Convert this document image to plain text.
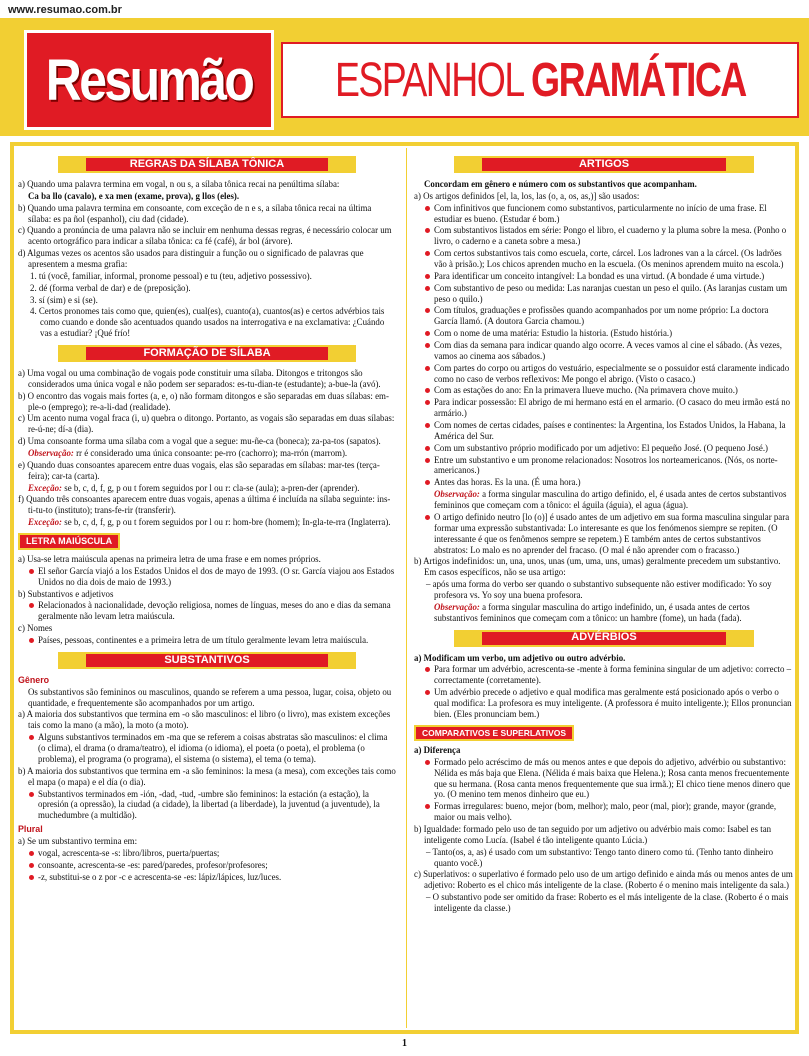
www.resumao.com.br
Resumão ESPANHOL GRAMÁTICA
REGRAS DA SÍLABA TÔNICA

a) Quando uma palavra termina em vogal, n ou s, a sílaba tônica recai na penúltima sílaba:

Ca ba llo (cavalo), e xa men (exame, prova), g llos (eles).

b) Quando uma palavra termina em consoante, com exceção de n e s, a sílaba tônica recai na última sílaba: es pa ñol (espanhol), ciu dad (cidade).

c) Quando a pronúncia de uma palavra não se incluir em nenhuma dessas regras, é necessário colocar um acento ortográfico para indicar a sílaba tônica: ca fé (café), ár bol (árvore).

d) Algumas vezes os acentos são usados para distinguir a função ou o significado de palavras que apresentem a mesma grafia:

1. tú (você, familiar, informal, pronome pessoal) e tu (teu, adjetivo possessivo).

2. dé (forma verbal de dar) e de (preposição).

3. sí (sim) e si (se).

4. Certos pronomes tais como que, quien(es), cual(es), cuanto(a), cuantos(as) e certos advérbios tais como cuando e donde são acentuados quando usados na interrogativa e na exclamativa: ¿Cuándo vas a estudiar? ¡Qué frío!

FORMAÇÃO DE SÍLABA

a) Uma vogal ou uma combinação de vogais pode constituir uma sílaba. Ditongos e tritongos são considerados uma única vogal e não podem ser separados: es-tu-dian-te (estudante); a-bue-la (avó).

b) O encontro das vogais mais fortes (a, e, o) não formam ditongos e são separadas em duas sílabas: em-ple-o (emprego); re-a-li-dad (realidade).

c) Um acento numa vogal fraca (i, u) quebra o ditongo. Portanto, as vogais são separadas em duas sílabas: re-ú-ne; dí-a (dia).

d) Uma consoante forma uma sílaba com a vogal que a segue: mu-ñe-ca (boneca); za-pa-tos (sapatos).

Observação: rr é considerado uma única consoante: pe-rro (cachorro); ma-rrón (marrom).

e) Quando duas consoantes aparecem entre duas vogais, elas são separadas em sílabas: mar-tes (terça-feira); car-ta (carta).

Exceção: se b, c, d, f, g, p ou t forem seguidos por l ou r: cla-se (aula); a-pren-der (aprender).

f) Quando três consoantes aparecem entre duas vogais, apenas a última é incluída na sílaba seguinte: ins-ti-tu-to (instituto); trans-fe-rir (transferir).

Exceção: se b, c, d, f, g, p ou t forem seguidos por l ou r: hom-bre (homem); In-gla-te-rra (Inglaterra).

LETRA MAIÚSCULA

a) Usa-se letra maiúscula apenas na primeira letra de uma frase e em nomes próprios.

El señor García viajó a los Estados Unidos el dos de mayo de 1993. (O sr. García viajou aos Estados Unidos no dia dois de maio de 1993.)

b) Substantivos e adjetivos

Relacionados à nacionalidade, devoção religiosa, nomes de línguas, meses do ano e dias da semana geralmente não levam letra maiúscula.

c) Nomes

Países, pessoas, continentes e a primeira letra de um título geralmente levam letra maiúscula.

SUBSTANTIVOS

Gênero

Os substantivos são femininos ou masculinos, quando se referem a uma pessoa, lugar, coisa, objeto ou quantidade, e frequentemente são acompanhados por um artigo.

a) A maioria dos substantivos que termina em -o são masculinos: el libro (o livro), mas existem exceções tais como la mano (a mão), la moto (a moto).

Alguns substantivos terminados em -ma que se referem a coisas abstratas são masculinos: el clima (o clima), el drama (o drama/teatro), el idioma (o idioma), el poeta (o poeta), el problema (o problema), el programa (o programa), el sistema (o sistema), el tema (o tema).

b) A maioria dos substantivos que termina em -a são femininos: la mesa (a mesa), com exceções tais como el mapa (o mapa) e el día (o dia).

Substantivos terminados em -ión, -dad, -tud, -umbre são femininos: la estación (a estação), la opresión (a opressão), la ciudad (a cidade), la libertad (a liberdade), la juventud (a juventude), la muchedumbre (a multidão).

Plural

a) Se um substantivo termina em:

vogal, acrescenta-se -s: libro/libros, puerta/puertas;

consoante, acrescenta-se -es: pared/paredes, profesor/profesores;

-z, substitui-se o z por -c e acrescenta-se -es: lápiz/lápices, luz/luces.

ARTIGOS

Concordam em gênero e número com os substantivos que acompanham.

a) Os artigos definidos [el, la, los, las (o, a, os, as,)] são usados:

Com infinitivos que funcionem como substantivos, particularmente no início de uma frase. El estudiar es bueno. (Estudar é bom.)

Com substantivos listados em série: Pongo el libro, el cuaderno y la pluma sobre la mesa. (Ponho o livro, o caderno e a caneta sobre a mesa.)

Com certos substantivos tais como escuela, corte, cárcel. Los ladrones van a la cárcel. (Os ladrões vão à prisão.); Los chicos aprenden mucho en la escuela. (Os meninos aprendem muito na escola.)

Para identificar um conceito intangível: La bondad es una virtud. (A bondade é uma virtude.)

Com substantivo de peso ou medida: Las naranjas cuestan un peso el quilo. (As laranjas custam um peso o quilo.)

Com títulos, graduações e profissões quando acompanhados por um nome próprio: La doctora García llamó. (A doutora Garcia chamou.)

Com o nome de uma matéria: Estudio la historia. (Estudo história.)

Com dias da semana para indicar quando algo ocorre. A veces vamos al cine el sábado. (Às vezes, vamos ao cinema aos sábados.)

Com partes do corpo ou artigos do vestuário, especialmente se o possuidor está claramente indicado como no caso de verbos reflexivos: Me pongo el abrigo. (Visto o casaco.)

Com as estações do ano: En la primavera llueve mucho. (Na primavera chove muito.)

Para indicar possessão: El abrigo de mi hermano está en el armario. (O casaco do meu irmão está no armário.)

Com nomes de certas cidades, países e continentes: la Argentina, los Estados Unidos, la Habana, la América del Sur.

Com um substantivo próprio modificado por um adjetivo: El pequeño José. (O pequeno José.)

Entre um substantivo e um pronome relacionados: Nosotros los norteamericanos. (Nós, os norte-americanos.)

Antes das horas. Es la una. (É uma hora.)

Observação: a forma singular masculina do artigo definido, el, é usada antes de certos substantivos femininos que começam com a tônico: el águila (águia), el agua (água).

O artigo definido neutro [lo (o)] é usado antes de um adjetivo em sua forma masculina singular para formar uma expressão substantivada: Lo interesante es que los fenómenos siempre se repiten. (O interessante é que os fenômenos sempre se repetem.) E também antes de certos substantivos abstratos: Lo malo es no aprender del fracaso. (O mal é não aprender com o fracasso.)

b) Artigos indefinidos: un, una, unos, unas (um, uma, uns, umas) geralmente precedem um substantivo. Em casos específicos, não se usa artigo:

– após uma forma do verbo ser quando o substantivo subsequente não estiver modificado: Yo soy profesora vs. Yo soy una buena profesora.

Observação: a forma singular masculina do artigo indefinido, un, é usada antes de certos substantivos femininos que começam com a tônico: un hambre (fome), un hada (fada).

ADVÉRBIOS

a) Modificam um verbo, um adjetivo ou outro advérbio.

Para formar um advérbio, acrescenta-se -mente à forma feminina singular de um adjetivo: correcto – correctamente (corretamente).

Um advérbio precede o adjetivo e qual modifica mas geralmente está posicionado após o verbo o qual modifica: La profesora es muy inteligente. (A professora é muito inteligente.); Ellos pronuncian bien. (Eles pronunciam bem.)

COMPARATIVOS E SUPERLATIVOS

a) Diferença

Formado pelo acréscimo de más ou menos antes e que depois do adjetivo, advérbio ou substantivo: Nélida es más baja que Elena. (Nélida é mais baixa que Helena.); Rosa canta menos frecuentemente que su hermana. (Rosa canta menos frequentemente que sua irmã.); El chico tiene menos dinero que yo. (O menino tem menos dinheiro que eu.)

Formas irregulares: bueno, mejor (bom, melhor); malo, peor (mal, pior); grande, mayor (grande, maior ou mais velho).

b) Igualdade: formado pelo uso de tan seguido por um adjetivo ou advérbio mais como: Isabel es tan inteligente como Lucía. (Isabel é tão inteligente quanto Lúcia.)

– Tanto(os, a, as) é usado com um substantivo: Tengo tanto dinero como tú. (Tenho tanto dinheiro quanto você.)

c) Superlativos: o superlativo é formado pelo uso de um artigo definido e ainda más ou menos antes de um adjetivo: Roberto es el chico más inteligente de la clase. (Roberto é o menino mais inteligente da sala.)

– O substantivo pode ser omitido da frase: Roberto es el más inteligente de la clase. (Roberto é o mais inteligente da classe.)

1
